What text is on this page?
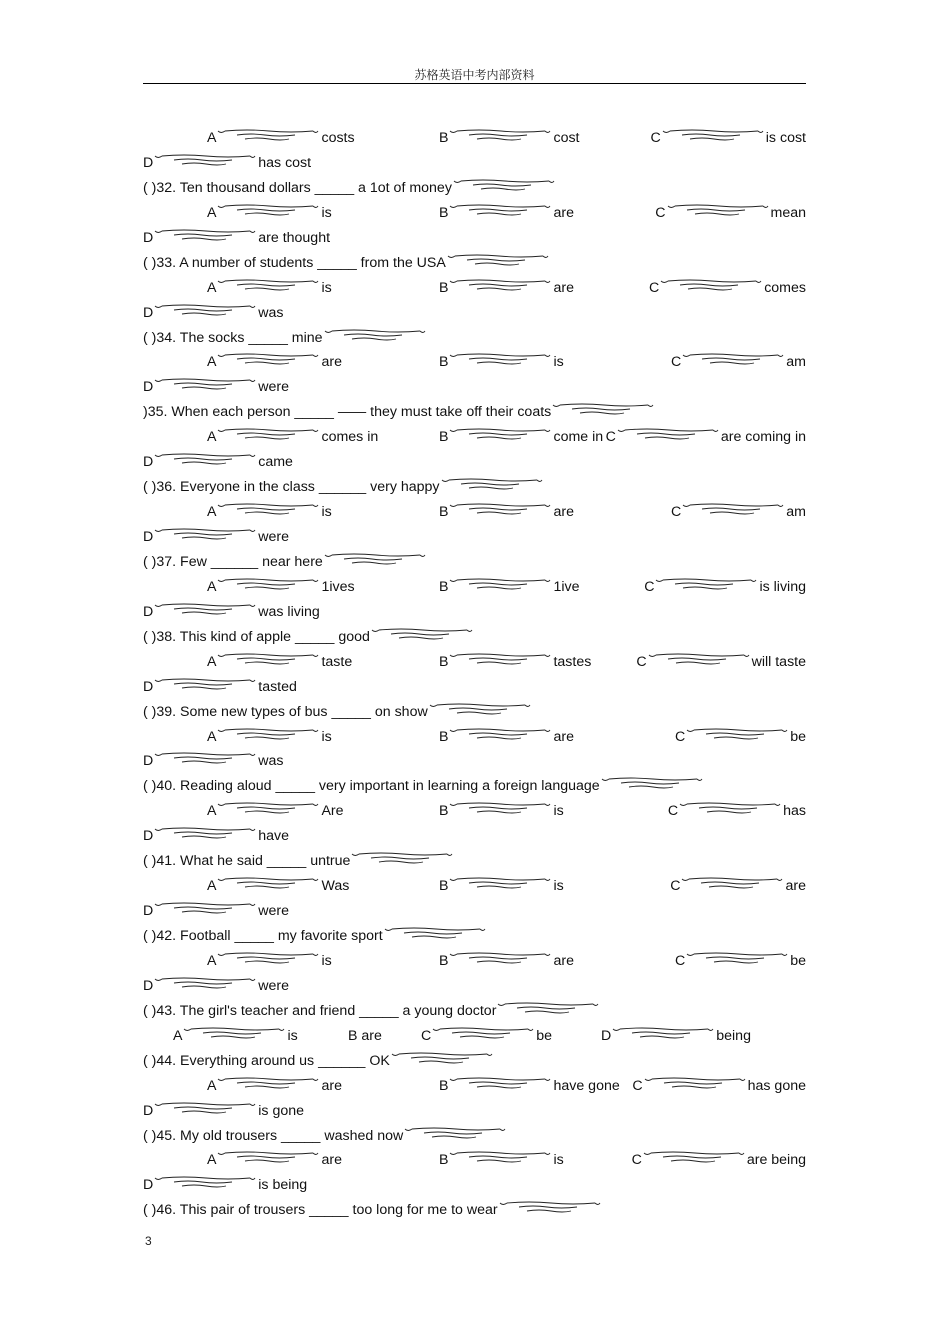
苏格英语中考内部资料
A	costs	B	cost	C	is cost
D	has cost
( )32. Ten thousand dollars _____ a 1ot of money
A	is	B	are	C	mean
D	are thought
( )33. A number of students _____ from the USA
A	is	B	are	C	comes
D	was
( )34. The socks _____ mine
A	are	B	is	C	am
D	were
)35. When each person _____ —— they must take off their coats
A	comes in	B	come in C	are coming in
D	came
( )36. Everyone in the class ______ very happy
A	is	B	are	C	am
D	were
( )37. Few ______ near here
A	1ives	B	1ive	C	is living
D	was living
( )38. This kind of apple _____ good
A	taste	B	tastes	C	will taste
D	tasted
( )39. Some new types of bus _____ on show
A	is	B	are	C	be
D	was
( )40. Reading aloud _____ very important in learning a foreign language
A	Are	B	is	C	has
D	have
( )41. What he said _____ untrue
A	Was	B	is	C	are
D	were
( )42. Football _____ my favorite sport
A	is	B	are	C	be
D	were
( )43. The girl's teacher and friend _____ a young doctor
A	is	B are	C	be	D	being
( )44. Everything around us ______ OK
A	are	B	have gone C	has gone
D	is gone
( )45. My old trousers _____ washed now
A	are	B	is	C	are being
D	is being
( )46. This pair of trousers _____ too long for me to wear
3
